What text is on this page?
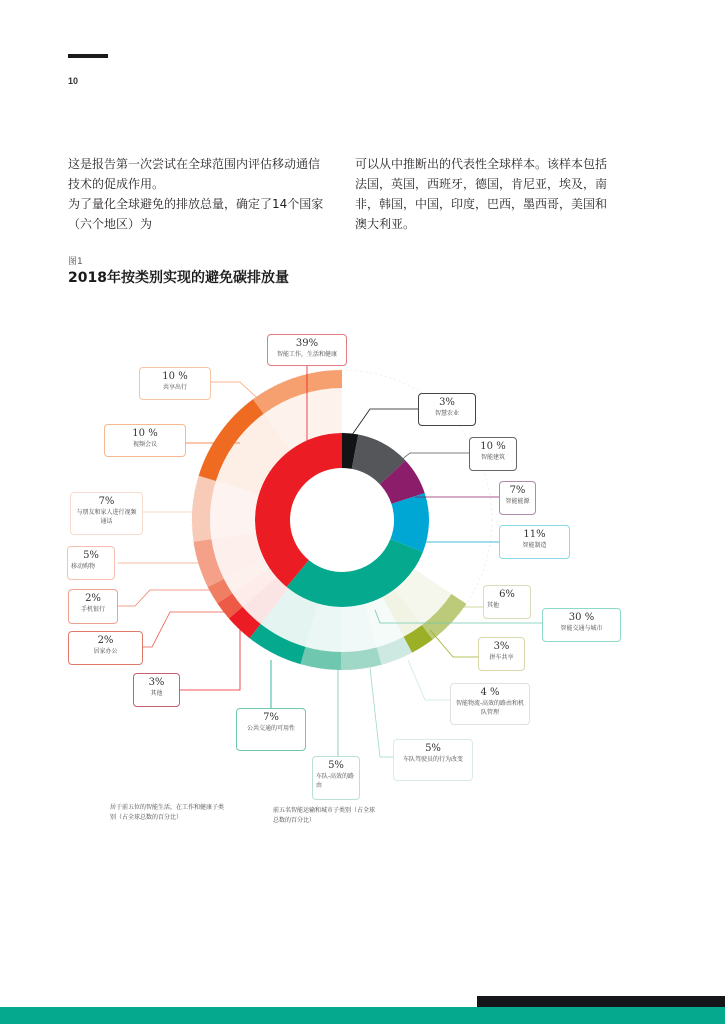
10

这是报告第一次尝试在全球范围内评估移动通信技术的促成作用。

为了量化全球避免的排放总量，确定了14个国家（六个地区）为

可以从中推断出的代表性全球样本。该样本包括法国，英国，西班牙，德国，肯尼亚，埃及，南非，韩国，中国，印度，巴西，墨西哥，美国和澳大利亚。

图1
2018年按类别实现的避免碳排放量
39%
智能工作，生活和健康
10 %
共享出行
10 %
视频会议
7%
与朋友和家人进行视频通话
5%
移动购物
2%
手机银行
2%
居家办公
3%
其他
3%
智慧农业
10 %
智能建筑
7%
智能能源
11%
智能制造
6%
其他
30 %
智能交通与城市
3%
拼车共享
4 %
智能物流-高效的路由和机队管理
5%
车队驾驶员的行为改变
5%
车队-高效的路由
7%
公共交通的可用性
居于前五位的智能生活，在工作和健康子类别（占全球总数的百分比）
前五名智能运输和城市子类别（占全球总数的百分比）
